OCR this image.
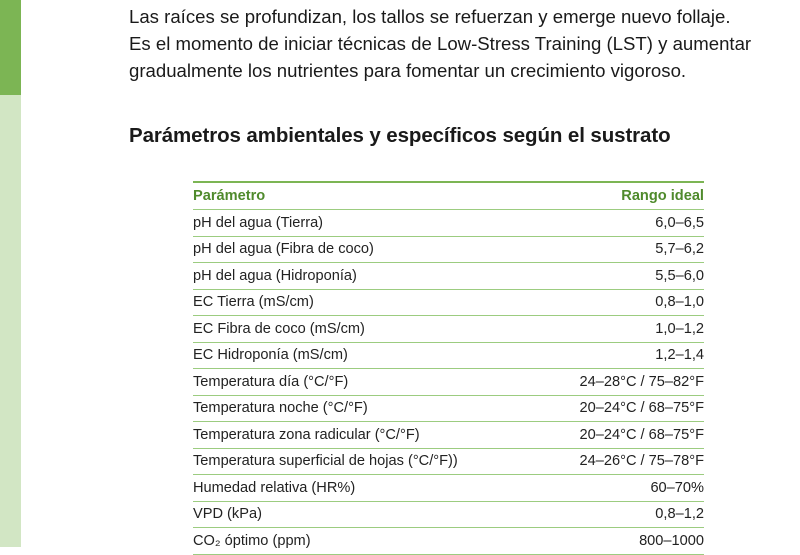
Las raíces se profundizan, los tallos se refuerzan y emerge nuevo follaje.

Es el momento de iniciar técnicas de Low-Stress Training (LST) y aumentar

gradualmente los nutrientes para fomentar un crecimiento vigoroso.

Parámetros ambientales y específicos según el sustrato
Parámetro	Rango ideal
pH del agua (Tierra)	6,0–6,5
pH del agua (Fibra de coco)	5,7–6,2
pH del agua (Hidroponía)	5,5–6,0
EC Tierra (mS/cm)	0,8–1,0
EC Fibra de coco (mS/cm)	1,0–1,2
EC Hidroponía (mS/cm)	1,2–1,4
Temperatura día (°C/°F)	24–28°C / 75–82°F
Temperatura noche (°C/°F)	20–24°C / 68–75°F
Temperatura zona radicular (°C/°F)	20–24°C / 68–75°F
Temperatura superficial de hojas (°C/°F))	24–26°C / 75–78°F
Humedad relativa (HR%)	60–70%
VPD (kPa)	0,8–1,2
CO₂ óptimo (ppm)	800–1000
